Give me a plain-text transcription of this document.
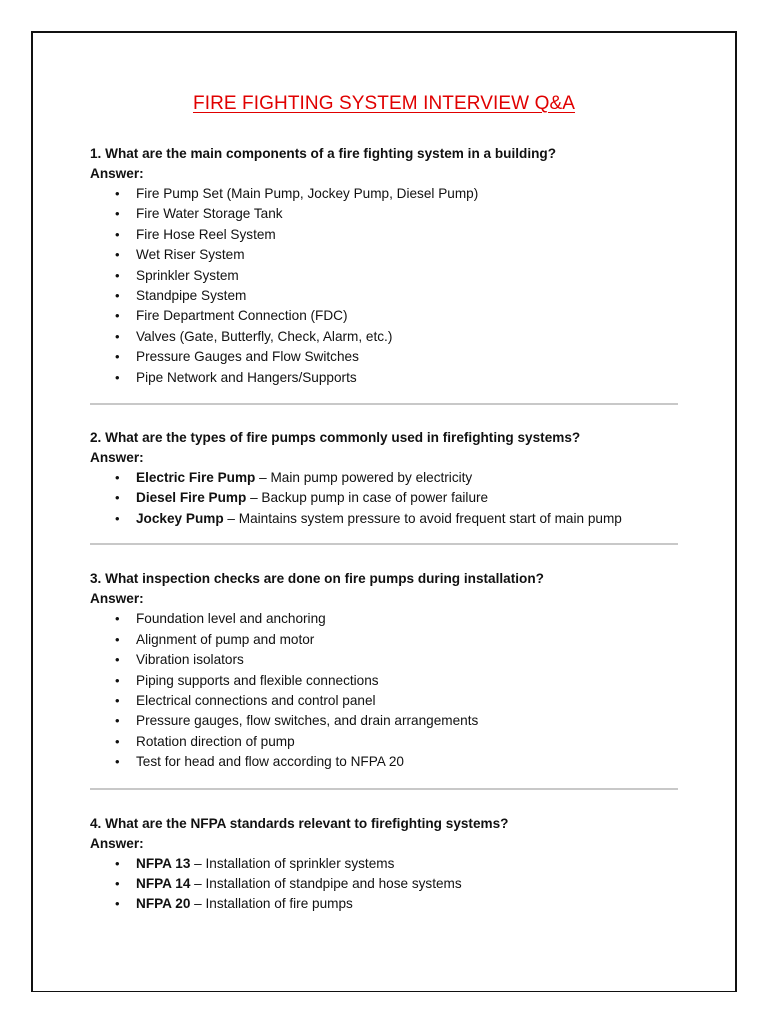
FIRE FIGHTING SYSTEM INTERVIEW Q&A
1. What are the main components of a fire fighting system in a building?
Answer:
• Fire Pump Set (Main Pump, Jockey Pump, Diesel Pump)
• Fire Water Storage Tank
• Fire Hose Reel System
• Wet Riser System
• Sprinkler System
• Standpipe System
• Fire Department Connection (FDC)
• Valves (Gate, Butterfly, Check, Alarm, etc.)
• Pressure Gauges and Flow Switches
• Pipe Network and Hangers/Supports
2. What are the types of fire pumps commonly used in firefighting systems?
Answer:
• Electric Fire Pump – Main pump powered by electricity
• Diesel Fire Pump – Backup pump in case of power failure
• Jockey Pump – Maintains system pressure to avoid frequent start of main pump
3. What inspection checks are done on fire pumps during installation?
Answer:
• Foundation level and anchoring
• Alignment of pump and motor
• Vibration isolators
• Piping supports and flexible connections
• Electrical connections and control panel
• Pressure gauges, flow switches, and drain arrangements
• Rotation direction of pump
• Test for head and flow according to NFPA 20
4. What are the NFPA standards relevant to firefighting systems?
Answer:
• NFPA 13 – Installation of sprinkler systems
• NFPA 14 – Installation of standpipe and hose systems
• NFPA 20 – Installation of fire pumps
